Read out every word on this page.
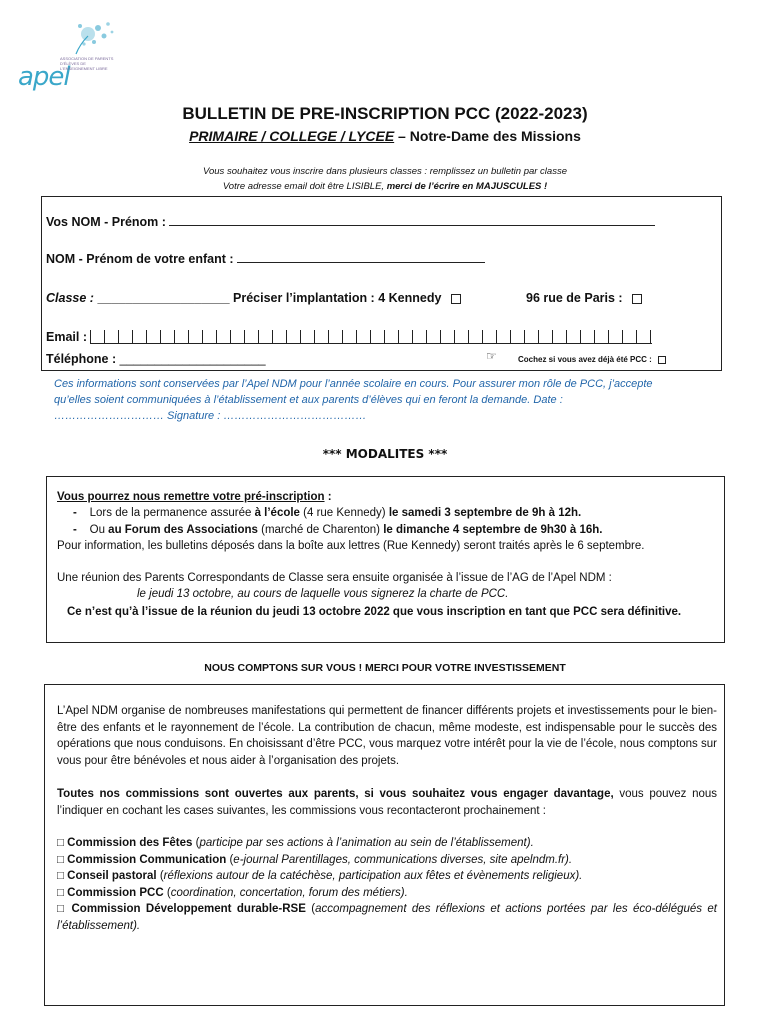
apel
ASSOCIATION DE PARENTS D'ÉLÈVES DE L'ENSEIGNEMENT LIBRE
BULLETIN DE PRE-INSCRIPTION PCC (2022-2023)
PRIMAIRE / COLLEGE / LYCEE – Notre-Dame des Missions
Vous souhaitez vous inscrire dans plusieurs classes : remplissez un bulletin par classe
Votre adresse email doit être LISIBLE, merci de l’écrire en MAJUSCULES !
Vos NOM - Prénom :
NOM - Prénom de votre enfant :
Classe : ___________________ Préciser l’implantation : 4 Kennedy	96 rue de Paris :
Email :
Téléphone : _____________________	☞	Cochez si vous avez déjà été PCC :
Ces informations sont conservées par l’Apel NDM pour l’année scolaire en cours. Pour assurer mon rôle de PCC, j’accepte qu’elles soient communiquées à l’établissement et aux parents d’élèves qui en feront la demande. Date : ………………………… Signature : …………………………………
*** MODALITES ***
Vous pourrez nous remettre votre pré-inscription :
- Lors de la permanence assurée à l’école (4 rue Kennedy) le samedi 3 septembre de 9h à 12h.
- Ou au Forum des Associations (marché de Charenton) le dimanche 4 septembre de 9h30 à 16h.
Pour information, les bulletins déposés dans la boîte aux lettres (Rue Kennedy) seront traités après le 6 septembre.
Une réunion des Parents Correspondants de Classe sera ensuite organisée à l’issue de l’AG de l’Apel NDM :
le jeudi 13 octobre, au cours de laquelle vous signerez la charte de PCC.
Ce n’est qu’à l’issue de la réunion du jeudi 13 octobre 2022 que vous inscription en tant que PCC sera définitive.
NOUS COMPTONS SUR VOUS ! MERCI POUR VOTRE INVESTISSEMENT
L’Apel NDM organise de nombreuses manifestations qui permettent de financer différents projets et investissements pour le bien-être des enfants et le rayonnement de l’école. La contribution de chacun, même modeste, est indispensable pour le succès des opérations que nous conduisons. En choisissant d’être PCC, vous marquez votre intérêt pour la vie de l’école, nous comptons sur vous pour être bénévoles et nous aider à l’organisation des projets.
Toutes nos commissions sont ouvertes aux parents, si vous souhaitez vous engager davantage, vous pouvez nous l’indiquer en cochant les cases suivantes, les commissions vous recontacteront prochainement :
□ Commission des Fêtes (participe par ses actions à l’animation au sein de l’établissement).
□ Commission Communication (e-journal Parentillages, communications diverses, site apelndm.fr).
□ Conseil pastoral (réflexions autour de la catéchèse, participation aux fêtes et évènements religieux).
□ Commission PCC (coordination, concertation, forum des métiers).
□ Commission Développement durable-RSE (accompagnement des réflexions et actions portées par les éco-délégués et l’établissement).
